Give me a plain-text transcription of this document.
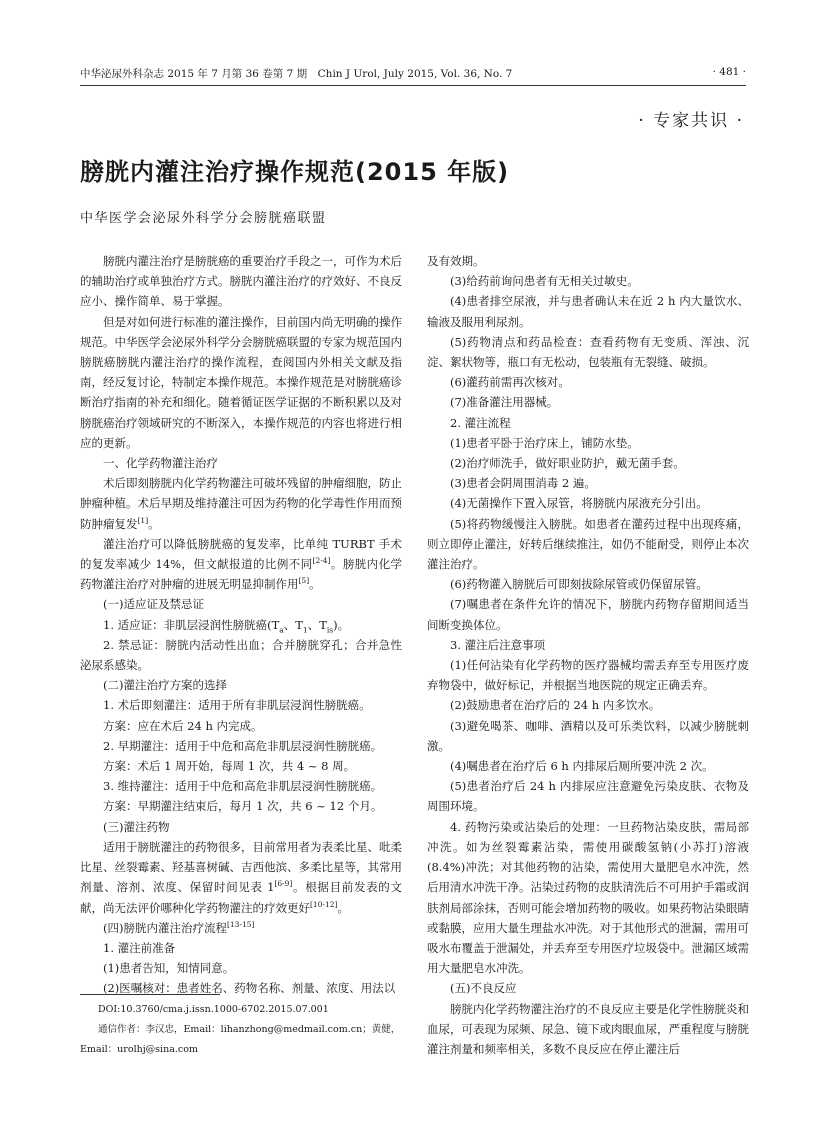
中华泌尿外科杂志 2015 年 7 月第 36 卷第 7 期　Chin J Urol, July 2015, Vol. 36, No. 7	· 481 ·
· 专家共识 ·
膀胱内灌注治疗操作规范(2015 年版)
中华医学会泌尿外科学分会膀胱癌联盟

膀胱内灌注治疗是膀胱癌的重要治疗手段之一，可作为术后的辅助治疗或单独治疗方式。膀胱内灌注治疗的疗效好、不良反应小、操作简单、易于掌握。

但是对如何进行标准的灌注操作，目前国内尚无明确的操作规范。中华医学会泌尿外科学分会膀胱癌联盟的专家为规范国内膀胱癌膀胱内灌注治疗的操作流程，查阅国内外相关文献及指南，经反复讨论，特制定本操作规范。本操作规范是对膀胱癌诊断治疗指南的补充和细化。随着循证医学证据的不断积累以及对膀胱癌治疗领域研究的不断深入，本操作规范的内容也将进行相应的更新。

一、化学药物灌注治疗

术后即刻膀胱内化学药物灌注可破坏残留的肿瘤细胞，防止肿瘤种植。术后早期及维持灌注可因为药物的化学毒性作用而预防肿瘤复发[1]。

灌注治疗可以降低膀胱癌的复发率，比单纯 TURBT 手术的复发率减少 14%，但文献报道的比例不同[2-4]。膀胱内化学药物灌注治疗对肿瘤的进展无明显抑制作用[5]。

(一)适应证及禁忌证

1. 适应证：非肌层浸润性膀胱癌($T_a$、$T_1$、$T_{is}$)。

2. 禁忌证：膀胱内活动性出血；合并膀胱穿孔；合并急性泌尿系感染。

(二)灌注治疗方案的选择

1. 术后即刻灌注：适用于所有非肌层浸润性膀胱癌。

方案：应在术后 24 h 内完成。

2. 早期灌注：适用于中危和高危非肌层浸润性膀胱癌。

方案：术后 1 周开始，每周 1 次，共 4 ~ 8 周。

3. 维持灌注：适用于中危和高危非肌层浸润性膀胱癌。

方案：早期灌注结束后，每月 1 次，共 6 ~ 12 个月。

(三)灌注药物

适用于膀胱灌注的药物很多，目前常用者为表柔比星、吡柔比星、丝裂霉素、羟基喜树碱、吉西他滨、多柔比星等，其常用剂量、溶剂、浓度、保留时间见表 1[6-9]。根据目前发表的文献，尚无法评价哪种化学药物灌注的疗效更好[10-12]。

(四)膀胱内灌注治疗流程[13-15]

1. 灌注前准备

(1)患者告知，知情同意。

(2)医嘱核对：患者姓名、药物名称、剂量、浓度、用法以

及有效期。

(3)给药前询问患者有无相关过敏史。

(4)患者排空尿液，并与患者确认未在近 2 h 内大量饮水、输液及服用利尿剂。

(5)药物清点和药品检查：查看药物有无变质、浑浊、沉淀、絮状物等，瓶口有无松动，包装瓶有无裂缝、破损。

(6)灌药前需再次核对。

(7)准备灌注用器械。

2. 灌注流程

(1)患者平卧于治疗床上，铺防水垫。

(2)治疗师洗手，做好职业防护，戴无菌手套。

(3)患者会阴周围消毒 2 遍。

(4)无菌操作下置入尿管，将膀胱内尿液充分引出。

(5)将药物缓慢注入膀胱。如患者在灌药过程中出现疼痛，则立即停止灌注，好转后继续推注，如仍不能耐受，则停止本次灌注治疗。

(6)药物灌入膀胱后可即刻拔除尿管或仍保留尿管。

(7)嘱患者在条件允许的情况下，膀胱内药物存留期间适当间断变换体位。

3. 灌注后注意事项

(1)任何沾染有化学药物的医疗器械均需丢弃至专用医疗废弃物袋中，做好标记，并根据当地医院的规定正确丢弃。

(2)鼓励患者在治疗后的 24 h 内多饮水。

(3)避免喝茶、咖啡、酒精以及可乐类饮料，以减少膀胱刺激。

(4)嘱患者在治疗后 6 h 内排尿后厕所要冲洗 2 次。

(5)患者治疗后 24 h 内排尿应注意避免污染皮肤、衣物及周围环境。

4. 药物污染或沾染后的处理：一旦药物沾染皮肤，需局部冲洗。如为丝裂霉素沾染，需使用碳酸氢钠(小苏打)溶液(8.4%)冲洗；对其他药物的沾染，需使用大量肥皂水冲洗，然后用清水冲洗干净。沾染过药物的皮肤清洗后不可用护手霜或润肤剂局部涂抹，否则可能会增加药物的吸收。如果药物沾染眼睛或黏膜，应用大量生理盐水冲洗。对于其他形式的泄漏，需用可吸水布覆盖于泄漏处，并丢弃至专用医疗垃圾袋中。泄漏区域需用大量肥皂水冲洗。

(五)不良反应

膀胱内化学药物灌注治疗的不良反应主要是化学性膀胱炎和血尿，可表现为尿频、尿急、镜下或肉眼血尿，严重程度与膀胱灌注剂量和频率相关，多数不良反应在停止灌注后

DOI:10.3760/cma.j.issn.1000-6702.2015.07.001
通信作者：李汉忠，Email：lihanzhong@medmail.com.cn；黄健，
Email：urolhj@sina.com
